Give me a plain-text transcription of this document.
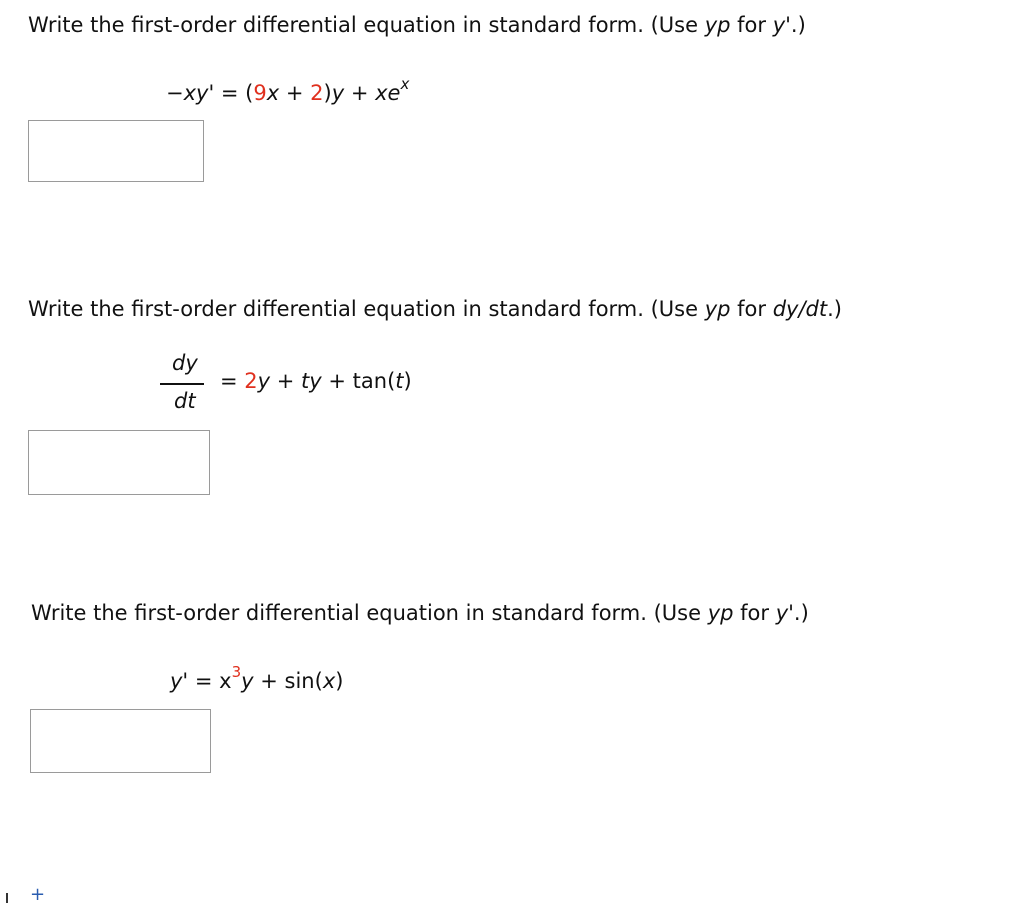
Write the first-order differential equation in standard form. (Use yp for y'.)
$-xy' = (9x + 2)y + xe^x$
Write the first-order differential equation in standard form. (Use yp for dy/dt.)
dy
dt
= 2y + ty + tan(t)
Write the first-order differential equation in standard form. (Use yp for y'.)
$y' = x^3y + \sin(x)$
+
